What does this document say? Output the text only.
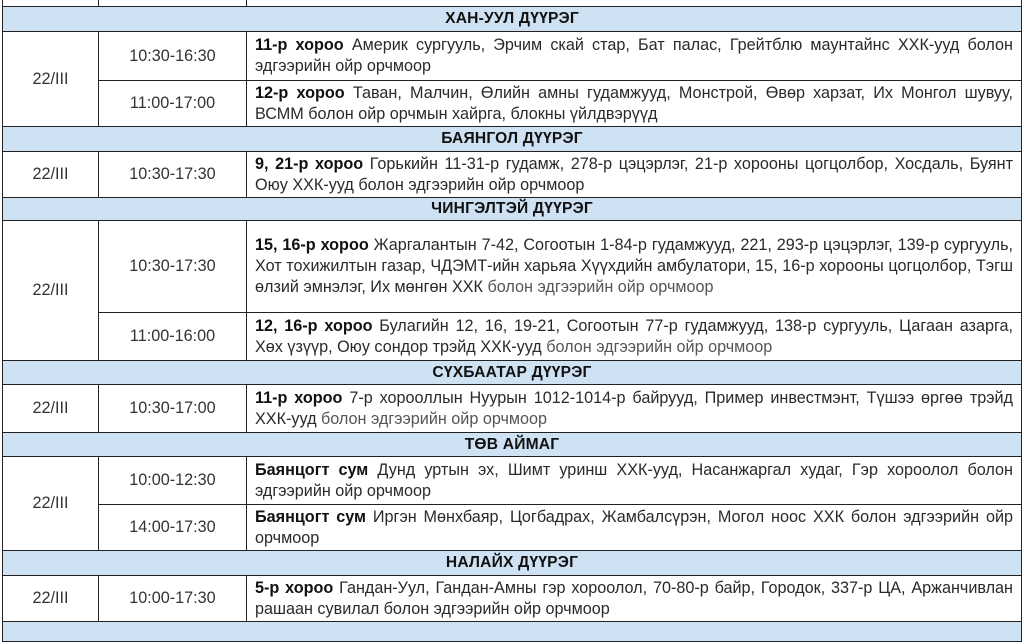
ХАН-УУЛ ДҮҮРЭГ		
22/III	10:30-16:30	11-р хороо Америк сургууль, Эрчим скай стар, Бат палас, Грейтблю маунтайнс ХХК-ууд болон эдгээрийн ойр орчмоор
	11:00-17:00	12-р хороо Таван, Малчин, Өлийн амны гудамжууд, Монстрой, Өвөр харзат, Их Монгол шувуу, ВСММ болон ойр орчмын хайрга, блокны үйлдвэрүүд
БАЯНГОЛ ДҮҮРЭГ		
22/III	10:30-17:30	9, 21-р хороо Горькийн 11-31-р гудамж, 278-р цэцэрлэг, 21-р хорооны цогцолбор, Хосдаль, Буянт Оюу ХХК-ууд болон эдгээрийн ойр орчмоор
ЧИНГЭЛТЭЙ ДҮҮРЭГ		
22/III	10:30-17:30	15, 16-р хороо Жаргалантын 7-42, Согоотын 1-84-р гудамжууд, 221, 293-р цэцэрлэг, 139-р сургууль, Хот тохижилтын газар, ЧДЭМТ-ийн харьяа Хүүхдийн амбулатори, 15, 16-р хорооны цогцолбор, Тэгш өлзий эмнэлэг, Их мөнгөн ХХК болон эдгээрийн ойр орчмоор
	11:00-16:00	12, 16-р хороо Булагийн 12, 16, 19-21, Согоотын 77-р гудамжууд, 138-р сургууль, Цагаан азарга, Хөх үзүүр, Оюу сондор трэйд ХХК-ууд болон эдгээрийн ойр орчмоор
СҮХБААТАР ДҮҮРЭГ		
22/III	10:30-17:00	11-р хороо 7-р хорооллын Нуурын 1012-1014-р байрууд, Пример инвестмэнт, Түшээ өргөө трэйд ХХК-ууд болон эдгээрийн ойр орчмоор
ТӨВ АЙМАГ		
22/III	10:00-12:30	Баянцогт сум Дунд уртын эх, Шимт уринш ХХК-ууд, Насанжаргал худаг, Гэр хороолол болон эдгээрийн ойр орчмоор
	14:00-17:30	Баянцогт сум Иргэн Мөнхбаяр, Цогбадрах, Жамбалсүрэн, Могол ноос ХХК болон эдгээрийн ойр орчмоор
НАЛАЙХ ДҮҮРЭГ		
22/III	10:00-17:30	5-р хороо Гандан-Уул, Гандан-Амны гэр хороолол, 70-80-р байр, Городок, 337-р ЦА, Аржанчивлан рашаан сувилал болон эдгээрийн ойр орчмоор
